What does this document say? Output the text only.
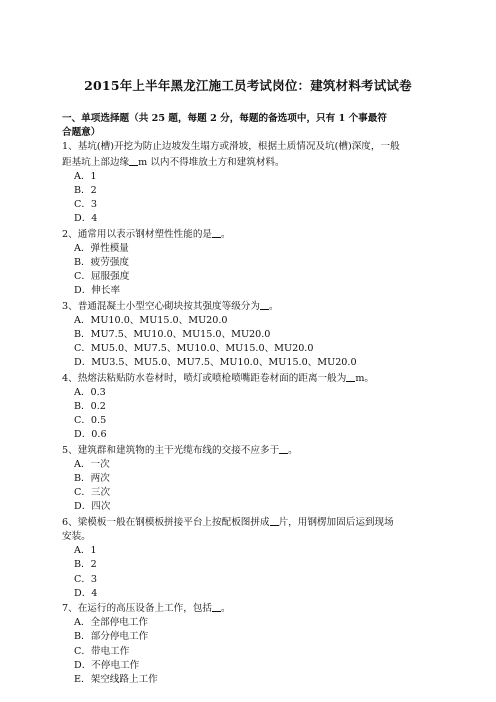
2015年上半年黑龙江施工员考试岗位：建筑材料考试试卷
一、单项选择题（共 25 题，每题 2 分，每题的备选项中，只有 1 个事最符
合题意）
1、基坑(槽)开挖为防止边坡发生塌方或滑坡，根据土质情况及坑(槽)深度，一般
距基坑上部边缘 m 以内不得堆放土方和建筑材料。
A．1
B．2
C．3
D．4
2、通常用以表示钢材塑性性能的是 。
A．弹性模量
B．疲劳强度
C．屈服强度
D．伸长率
3、普通混凝土小型空心砌块按其强度等级分为 。
A．MU10.0、MU15.0、MU20.0
B．MU7.5、MU10.0、MU15.0、MU20.0
C．MU5.0、MU7.5、MU10.0、MU15.0、MU20.0
D．MU3.5、MU5.0、MU7.5、MU10.0、MU15.0、MU20.0
4、热熔法粘贴防水卷材时，喷灯或喷枪喷嘴距卷材面的距离一般为 m。
A．0.3
B．0.2
C．0.5
D．0.6
5、建筑群和建筑物的主干光缆布线的交接不应多于 。
A．一次
B．两次
C．三次
D．四次
6、梁模板一般在钢模板拼接平台上按配板图拼成 片，用钢楞加固后运到现场
安装。
A．1
B．2
C．3
D．4
7、在运行的高压设备上工作，包括 。
A．全部停电工作
B．部分停电工作
C．带电工作
D．不停电工作
E．架空线路上工作
